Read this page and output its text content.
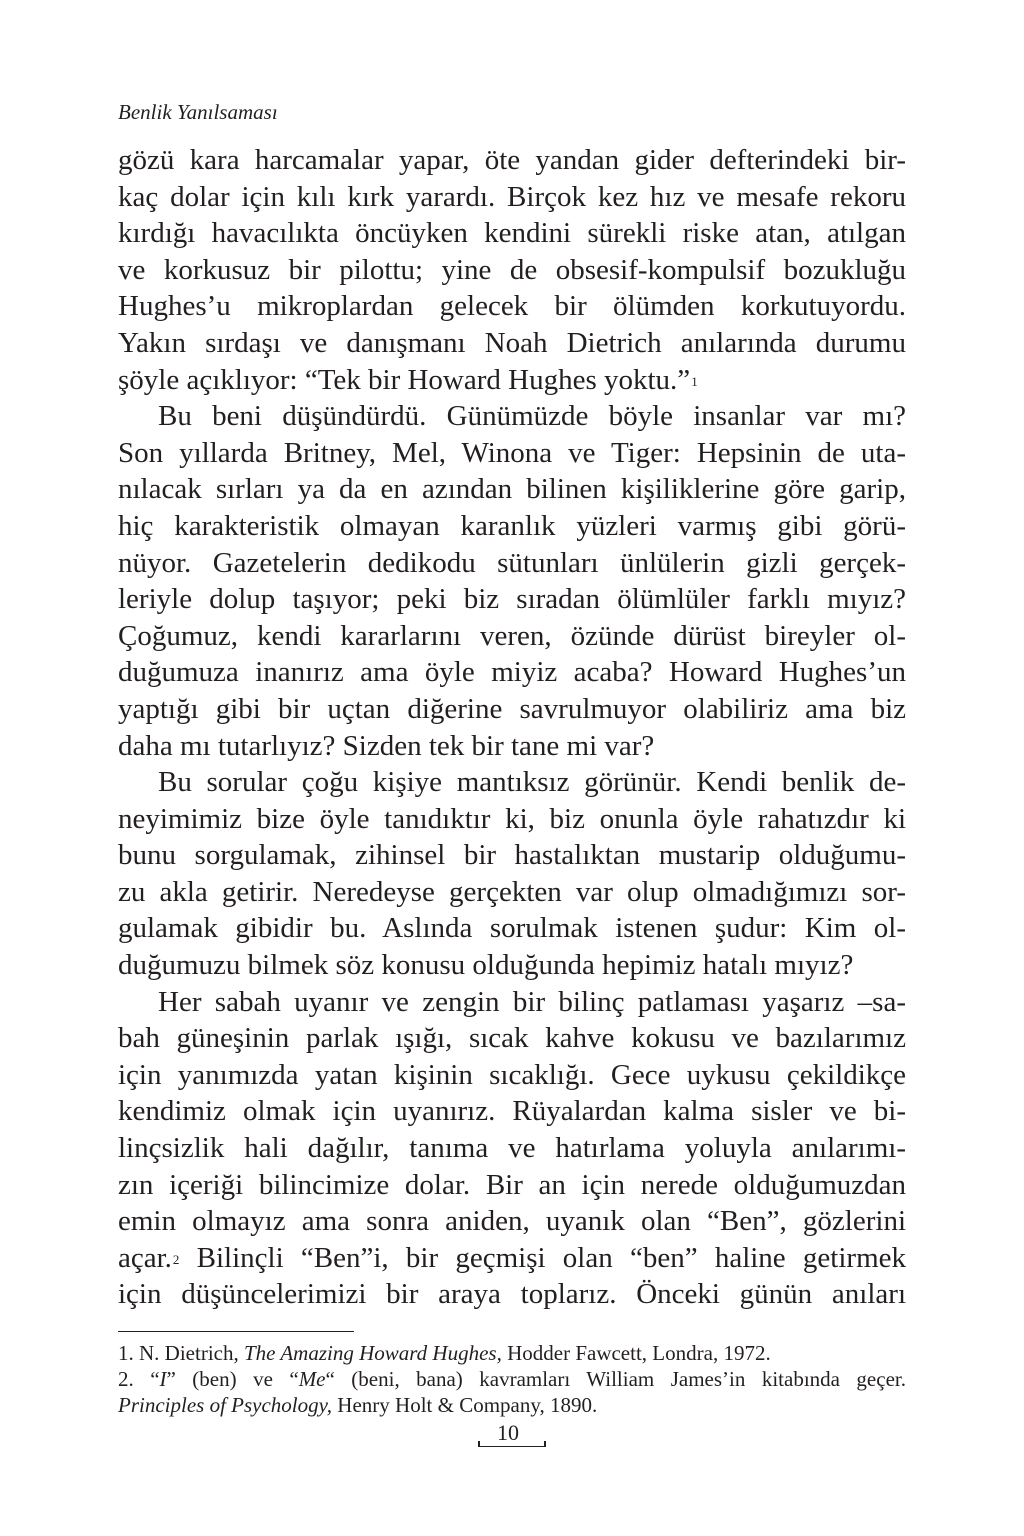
Benlik Yanılsaması
gözü kara harcamalar yapar, öte yandan gider defterindeki bir-
kaç dolar için kılı kırk yarardı. Birçok kez hız ve mesafe rekoru
kırdığı havacılıkta öncüyken kendini sürekli riske atan, atılgan
ve korkusuz bir pilottu; yine de obsesif-kompulsif bozukluğu
Hughes’u mikroplardan gelecek bir ölümden korkutuyordu.
Yakın sırdaşı ve danışmanı Noah Dietrich anılarında durumu
şöyle açıklıyor: “Tek bir Howard Hughes yoktu.”$^1$
Bu beni düşündürdü. Günümüzde böyle insanlar var mı?
Son yıllarda Britney, Mel, Winona ve Tiger: Hepsinin de uta-
nılacak sırları ya da en azından bilinen kişiliklerine göre garip,
hiç karakteristik olmayan karanlık yüzleri varmış gibi görü-
nüyor. Gazetelerin dedikodu sütunları ünlülerin gizli gerçek-
leriyle dolup taşıyor; peki biz sıradan ölümlüler farklı mıyız?
Çoğumuz, kendi kararlarını veren, özünde dürüst bireyler ol-
duğumuza inanırız ama öyle miyiz acaba? Howard Hughes’un
yaptığı gibi bir uçtan diğerine savrulmuyor olabiliriz ama biz
daha mı tutarlıyız? Sizden tek bir tane mi var?
Bu sorular çoğu kişiye mantıksız görünür. Kendi benlik de-
neyimimiz bize öyle tanıdıktır ki, biz onunla öyle rahatızdır ki
bunu sorgulamak, zihinsel bir hastalıktan mustarip olduğumu-
zu akla getirir. Neredeyse gerçekten var olup olmadığımızı sor-
gulamak gibidir bu. Aslında sorulmak istenen şudur: Kim ol-
duğumuzu bilmek söz konusu olduğunda hepimiz hatalı mıyız?
Her sabah uyanır ve zengin bir bilinç patlaması yaşarız –sa-
bah güneşinin parlak ışığı, sıcak kahve kokusu ve bazılarımız
için yanımızda yatan kişinin sıcaklığı. Gece uykusu çekildikçe
kendimiz olmak için uyanırız. Rüyalardan kalma sisler ve bi-
linçsizlik hali dağılır, tanıma ve hatırlama yoluyla anılarımı-
zın içeriği bilincimize dolar. Bir an için nerede olduğumuzdan
emin olmayız ama sonra aniden, uyanık olan “Ben”, gözlerini
açar.$^2$ Bilinçli “Ben”i, bir geçmişi olan “ben” haline getirmek
için düşüncelerimizi bir araya toplarız. Önceki günün anıları
1. N. Dietrich, The Amazing Howard Hughes, Hodder Fawcett, Londra, 1972.
2. “I” (ben) ve “Me“ (beni, bana) kavramları William James’in kitabında geçer.
Principles of Psychology, Henry Holt & Company, 1890.
10
